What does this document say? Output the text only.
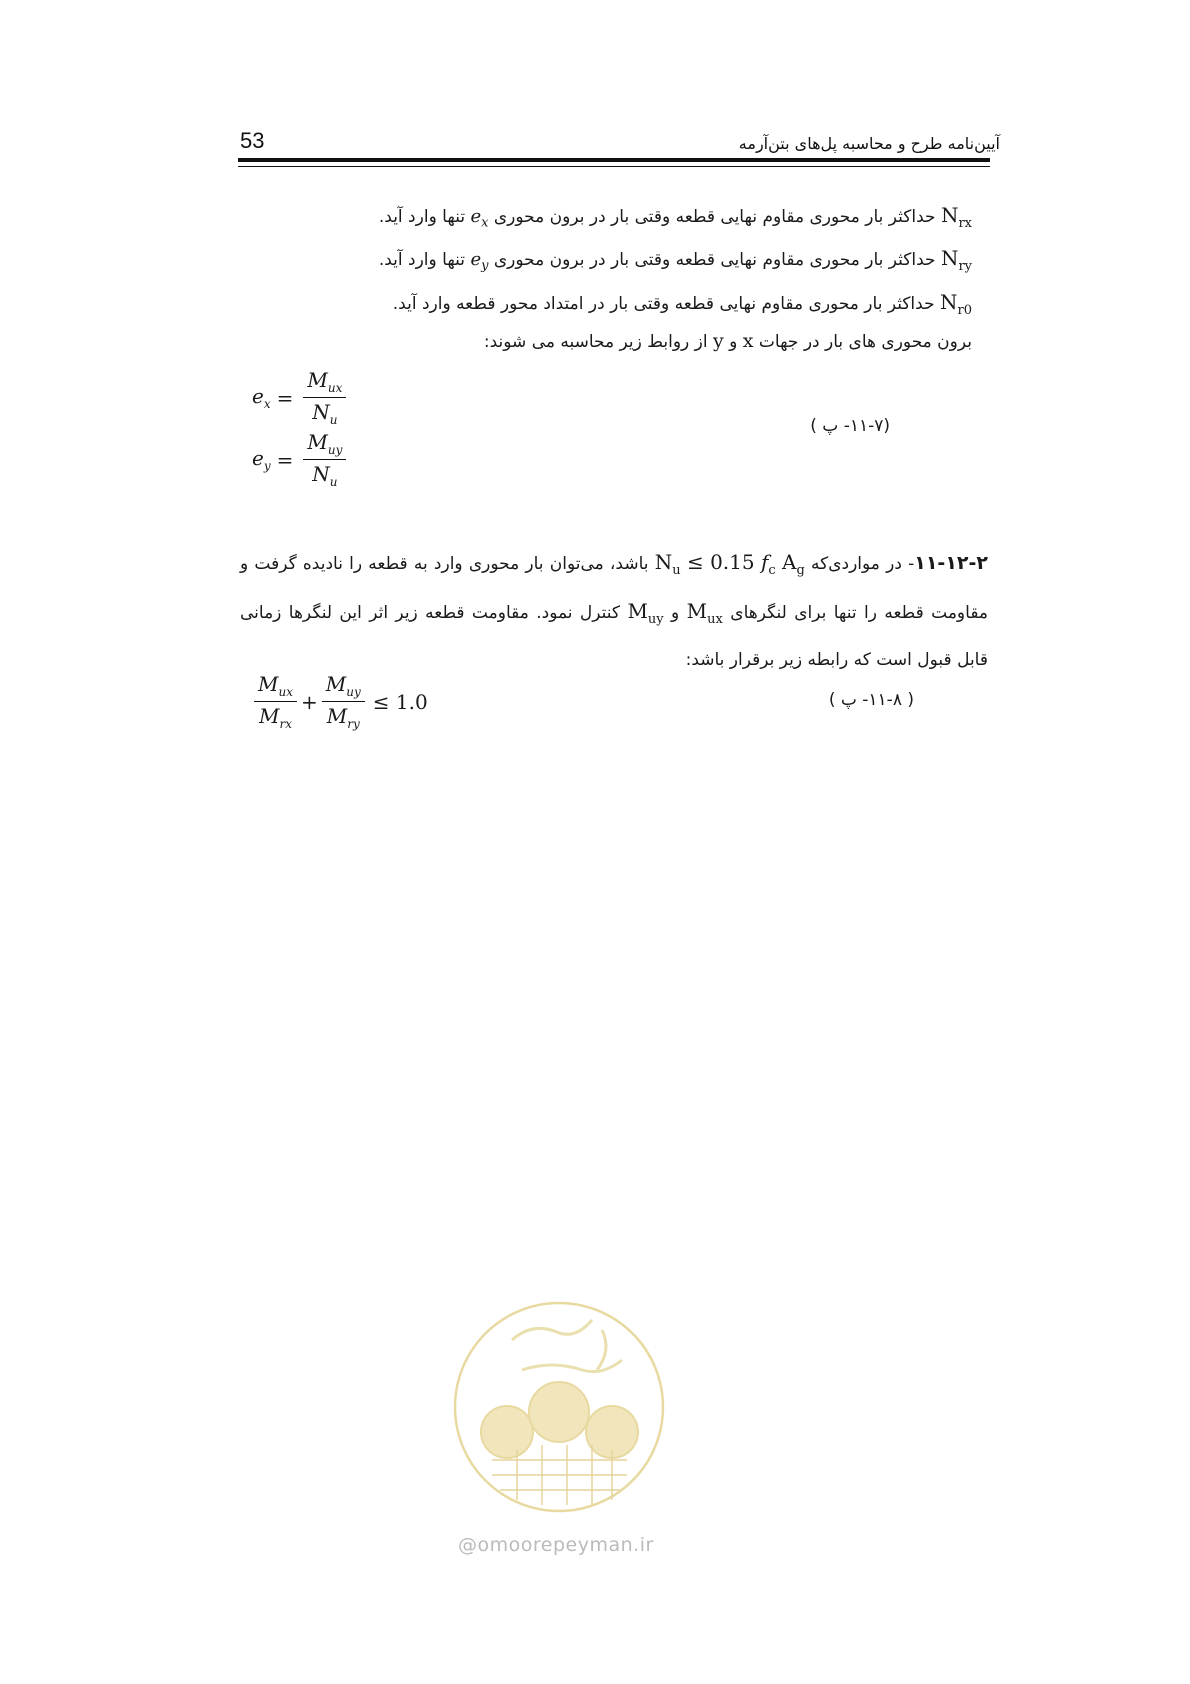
53	آیین‌نامه طرح و محاسبه پل‌های بتن‌آرمه
$N_{rx}$ حداکثر بار محوری مقاوم نهایی قطعه وقتی بار در برون محوری $e_x$ تنها وارد آید.
$N_{ry}$ حداکثر بار محوری مقاوم نهایی قطعه وقتی بار در برون محوری $e_y$ تنها وارد آید.
$N_{r0}$ حداکثر بار محوری مقاوم نهایی قطعه وقتی بار در امتداد محور قطعه وارد آید.
برون محوری های بار در جهات x و y از روابط زیر محاسبه می شوند:
$e_x = \frac{M_{ux}}{N_u}$
$e_y = \frac{M_{uy}}{N_u}$
(۱۱-۷- پ )
۱۱-۱۲-۲- در مواردی‌که $N_u \le 0.15$ $f_c$ $A_g$ باشد، می‌توان بار محوری وارد به قطعه را نادیده گرفت و مقاومت قطعه را تنها برای لنگرهای $M_{ux}$ و $M_{uy}$ کنترل نمود. مقاومت قطعه زیر اثر این لنگرها زمانی قابل قبول است که رابطه زیر برقرار باشد:
$\frac{M_{ux}}{M_{rx}} + \frac{M_{uy}}{M_{ry}} \le 1.0$	( ۱۱-۸- پ )
@omoorepeyman.ir
